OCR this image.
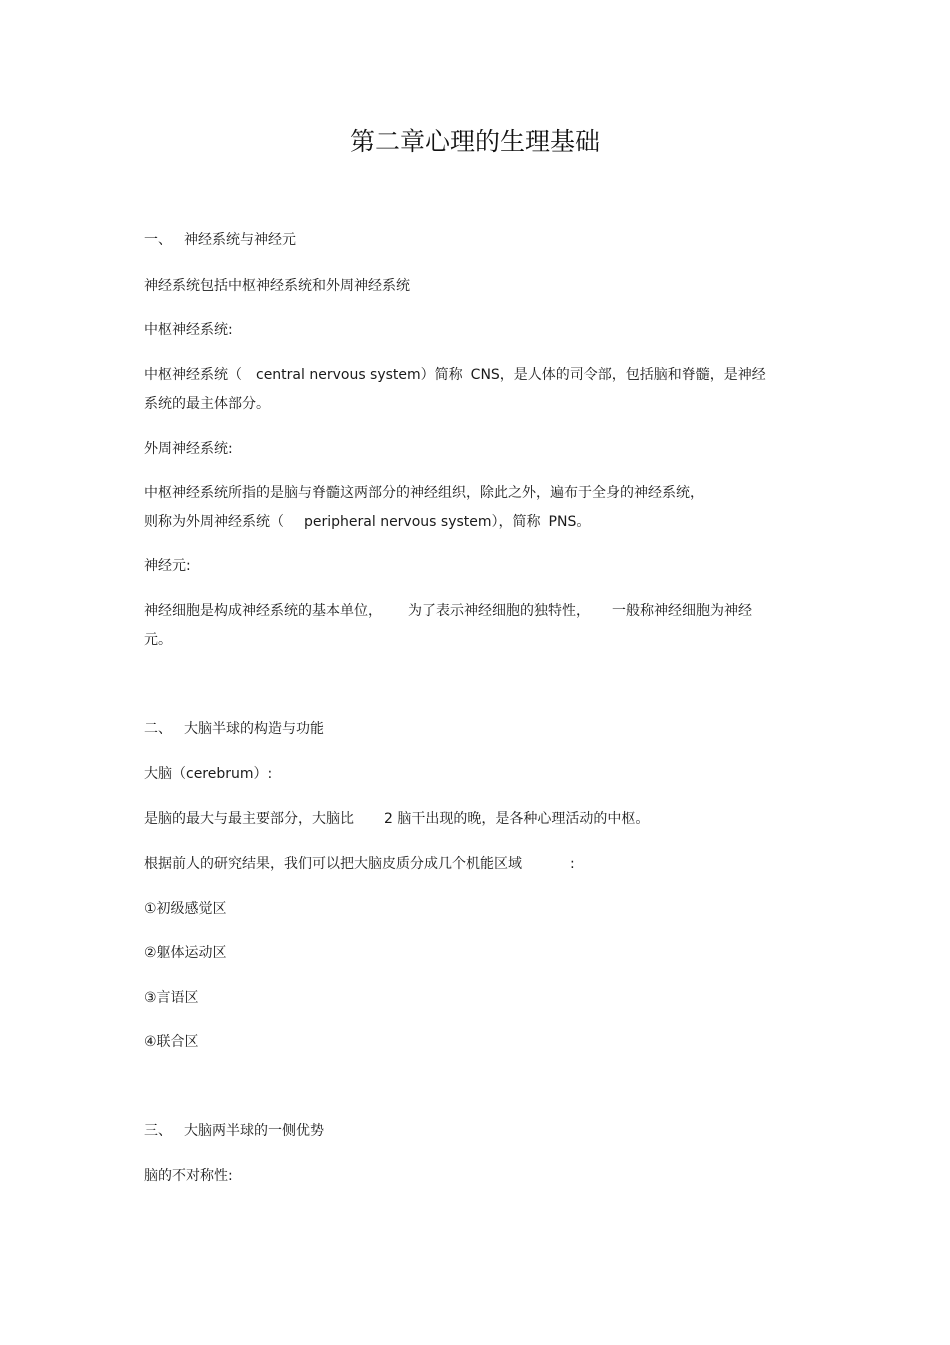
第二章心理的生理基础
一、 神经系统与神经元
神经系统包括中枢神经系统和外周神经系统
中枢神经系统:
中枢神经系统（ central nervous system）简称 CNS，是人体的司令部，包括脑和脊髓，是神经
系统的最主体部分。
外周神经系统:
中枢神经系统所指的是脑与脊髓这两部分的神经组织，除此之外，遍布于全身的神经系统，
则称为外周神经系统（ peripheral nervous system），简称 PNS。
神经元:
神经细胞是构成神经系统的基本单位， 为了表示神经细胞的独特性， 一般称神经细胞为神经
元。
二、 大脑半球的构造与功能
大脑（cerebrum）:
是脑的最大与最主要部分，大脑比 2 脑干出现的晚，是各种心理活动的中枢。
根据前人的研究结果，我们可以把大脑皮质分成几个机能区域	:
①初级感觉区
②躯体运动区
③言语区
④联合区
三、 大脑两半球的一侧优势
脑的不对称性:
